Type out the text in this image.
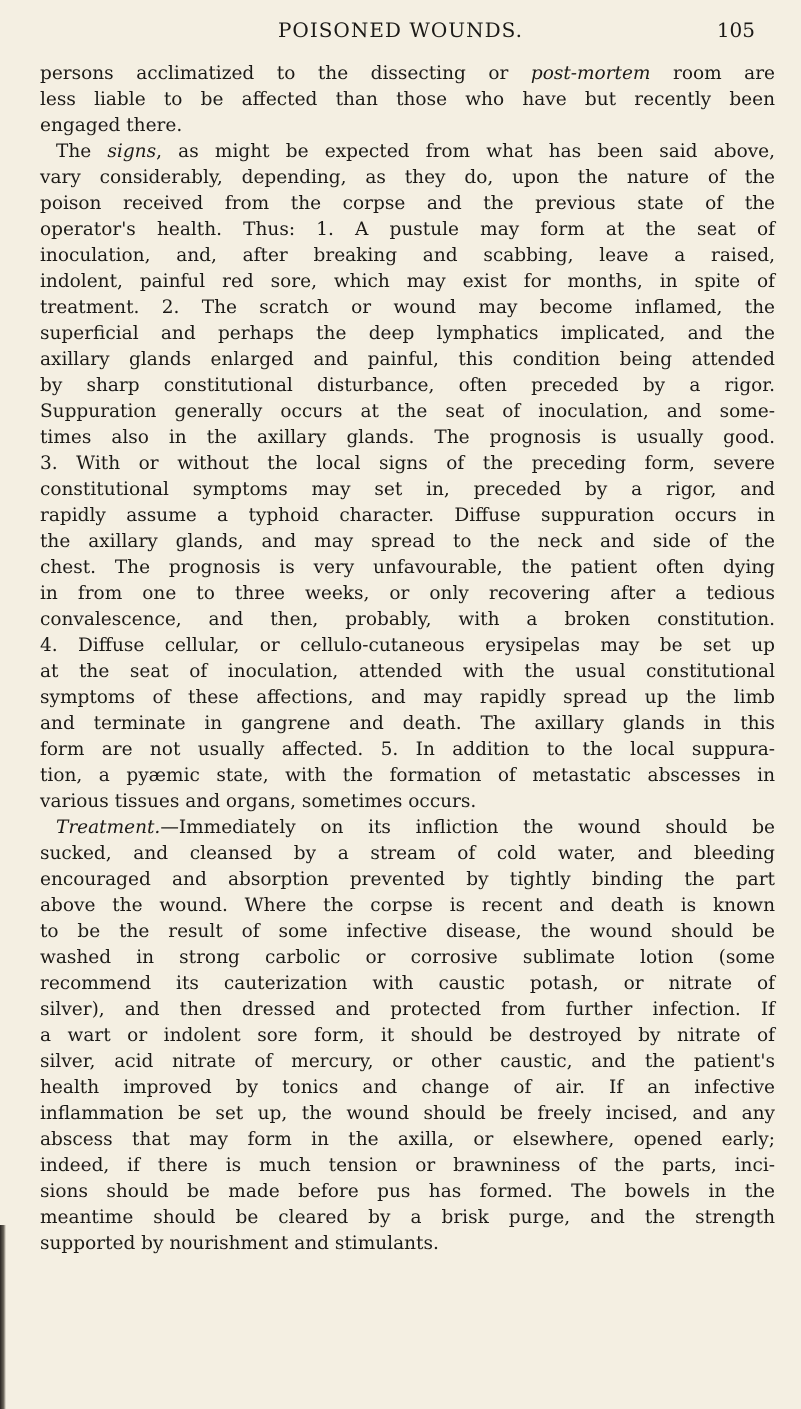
POISONED WOUNDS.	105
persons acclimatized to the dissecting or post-mortem room are
less liable to be affected than those who have but recently been
engaged there.
The signs, as might be expected from what has been said above,
vary considerably, depending, as they do, upon the nature of the
poison received from the corpse and the previous state of the
operator's health. Thus: 1. A pustule may form at the seat of
inoculation, and, after breaking and scabbing, leave a raised,
indolent, painful red sore, which may exist for months, in spite of
treatment. 2. The scratch or wound may become inflamed, the
superficial and perhaps the deep lymphatics implicated, and the
axillary glands enlarged and painful, this condition being attended
by sharp constitutional disturbance, often preceded by a rigor.
Suppuration generally occurs at the seat of inoculation, and some-
times also in the axillary glands. The prognosis is usually good.
3. With or without the local signs of the preceding form, severe
constitutional symptoms may set in, preceded by a rigor, and
rapidly assume a typhoid character. Diffuse suppuration occurs in
the axillary glands, and may spread to the neck and side of the
chest. The prognosis is very unfavourable, the patient often dying
in from one to three weeks, or only recovering after a tedious
convalescence, and then, probably, with a broken constitution.
4. Diffuse cellular, or cellulo-cutaneous erysipelas may be set up
at the seat of inoculation, attended with the usual constitutional
symptoms of these affections, and may rapidly spread up the limb
and terminate in gangrene and death. The axillary glands in this
form are not usually affected. 5. In addition to the local suppura-
tion, a pyæmic state, with the formation of metastatic abscesses in
various tissues and organs, sometimes occurs.
Treatment.—Immediately on its infliction the wound should be
sucked, and cleansed by a stream of cold water, and bleeding
encouraged and absorption prevented by tightly binding the part
above the wound. Where the corpse is recent and death is known
to be the result of some infective disease, the wound should be
washed in strong carbolic or corrosive sublimate lotion (some
recommend its cauterization with caustic potash, or nitrate of
silver), and then dressed and protected from further infection. If
a wart or indolent sore form, it should be destroyed by nitrate of
silver, acid nitrate of mercury, or other caustic, and the patient's
health improved by tonics and change of air. If an infective
inflammation be set up, the wound should be freely incised, and any
abscess that may form in the axilla, or elsewhere, opened early;
indeed, if there is much tension or brawniness of the parts, inci-
sions should be made before pus has formed. The bowels in the
meantime should be cleared by a brisk purge, and the strength
supported by nourishment and stimulants.
